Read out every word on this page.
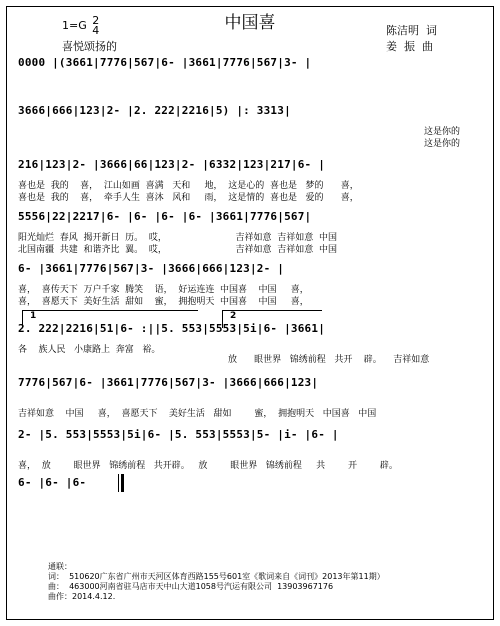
中国喜
1=G 2
4
喜悦颂扬的
陈洁明  词
姜  振  曲
0000 |(3661|7776|567|6- |3661|7776|567|3- |
3666|666|123|2- |2. 222|2216|5) |: 3313|
这是你的
这是你的
216|123|2- |3666|66|123|2- |6332|123|217|6- |
喜也是  我的    喜，  江山如画  喜满   天和     地，  这是心的  喜也是   梦的      喜，
喜也是  我的    喜，  牵手人生  喜沐   风和     雨，  这是情的  喜也是   爱的      喜，
5556|22|2217|6- |6- |6- |6- |3661|7776|567|
阳光灿烂  春风  揭开新日  历。  哎，                        吉祥如意  吉祥如意  中国
北国南疆  共建  和谐齐比  翼。  哎，                        吉祥如意  吉祥如意  中国
6- |3661|7776|567|3- |3666|666|123|2- |
喜，  喜传天下  万户千家  腾笑    语，  好运连连  中国喜    中国     喜，
喜，  喜愿天下  美好生活  甜如    蜜，  拥抱明天  中国喜    中国     喜，
1	2
2. 222|2216|51|6- :||5. 553|5553|5i|6- |3661|
各    族人民   小康路上  奔富   裕。
放      眼世界   锦绣前程   共开    辟。    吉祥如意
7776|567|6- |3661|7776|567|3- |3666|666|123|
吉祥如意    中国     喜，  喜愿天下    美好生活   甜如        蜜，  拥抱明天   中国喜   中国
2- |5. 553|5553|5i|6- |5. 553|5553|5- |i- |6- |
喜，  放        眼世界   锦绣前程   共开辟。   放        眼世界   锦绣前程     共        开        辟。
6- |6- |6-
通联：
词：  510620广东省广州市天河区体育西路155号601室《歌词来自《词刊》2013年第11期）
曲：  463000河南省驻马店市天中山大道1058号汽运有限公司  13903967176
曲作：2014.4.12.
